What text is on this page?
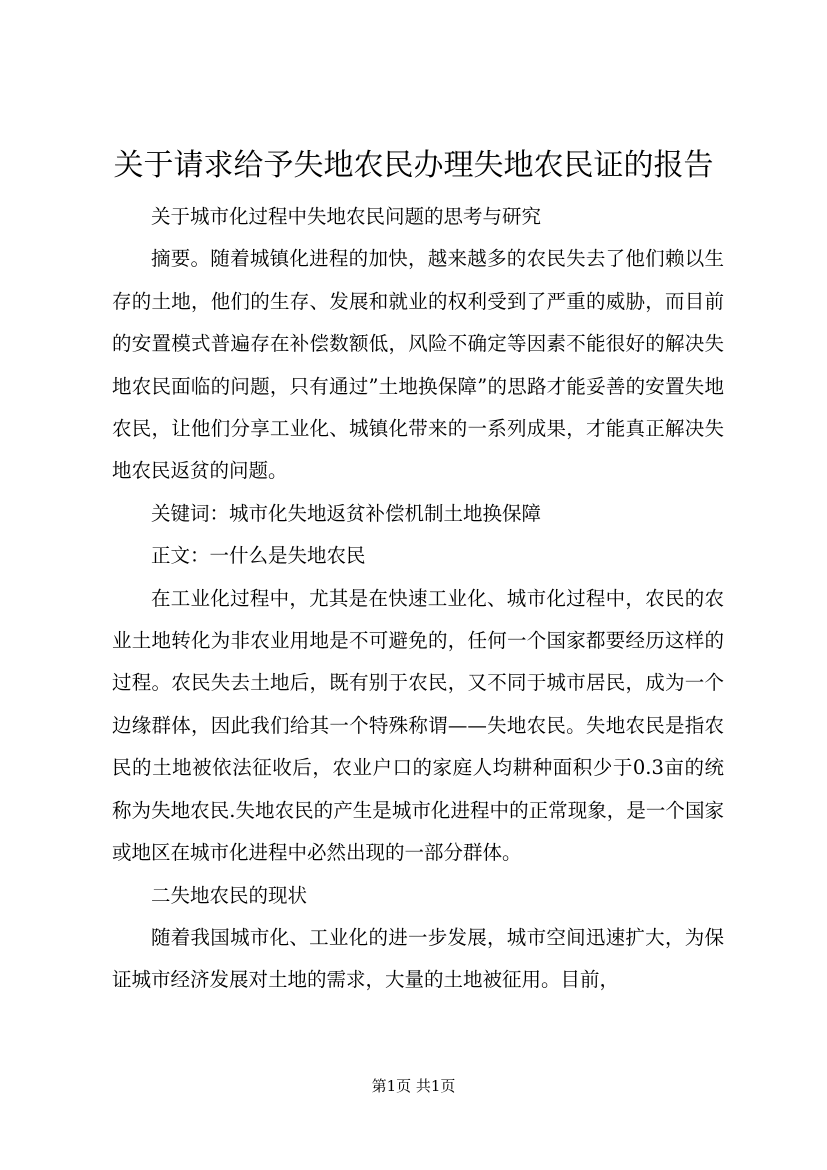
关于请求给予失地农民办理失地农民证的报告

关于城市化过程中失地农民问题的思考与研究

摘要。随着城镇化进程的加快，越来越多的农民失去了他们赖以生存的土地，他们的生存、发展和就业的权利受到了严重的威胁，而目前的安置模式普遍存在补偿数额低，风险不确定等因素不能很好的解决失地农民面临的问题，只有通过”土地换保障”的思路才能妥善的安置失地农民，让他们分享工业化、城镇化带来的一系列成果，才能真正解决失地农民返贫的问题。

关键词：城市化失地返贫补偿机制土地换保障

正文：一什么是失地农民

在工业化过程中，尤其是在快速工业化、城市化过程中，农民的农业土地转化为非农业用地是不可避免的，任何一个国家都要经历这样的过程。农民失去土地后，既有别于农民，又不同于城市居民，成为一个边缘群体，因此我们给其一个特殊称谓——失地农民。失地农民是指农民的土地被依法征收后，农业户口的家庭人均耕种面积少于0.3亩的统称为失地农民.失地农民的产生是城市化进程中的正常现象，是一个国家或地区在城市化进程中必然出现的一部分群体。

二失地农民的现状

随着我国城市化、工业化的进一步发展，城市空间迅速扩大，为保证城市经济发展对土地的需求，大量的土地被征用。目前，

第1页 共1页
